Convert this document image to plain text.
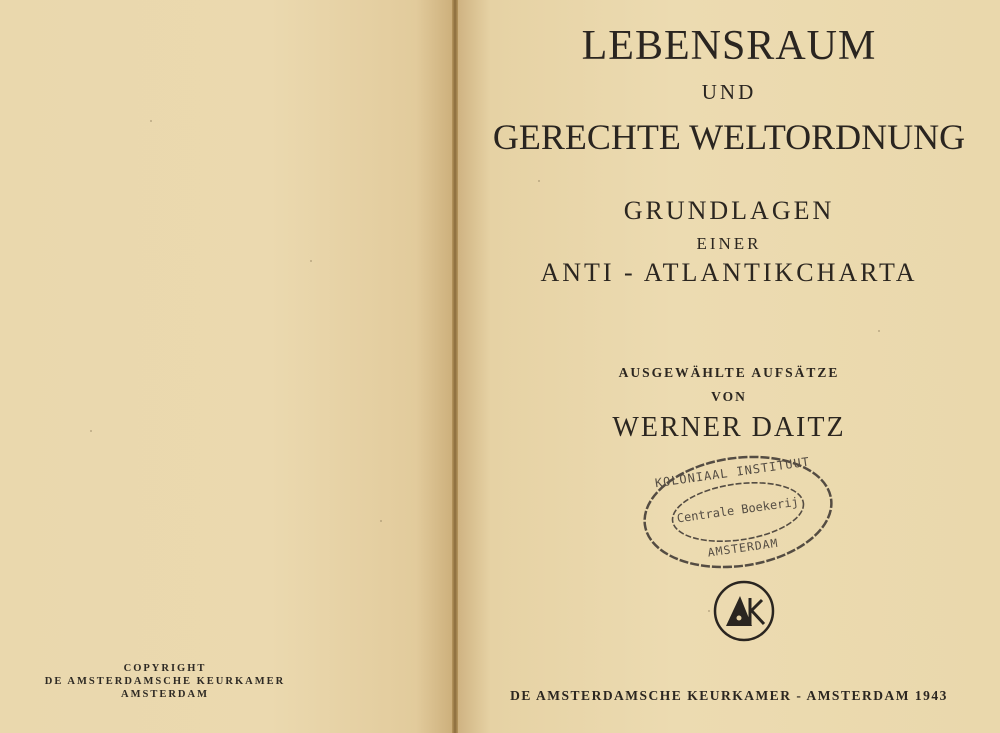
COPYRIGHT
DE AMSTERDAMSCHE KEURKAMER
AMSTERDAM
LEBENSRAUM
UND
GERECHTE WELTORDNUNG
GRUNDLAGEN
EINER
ANTI - ATLANTIKCHARTA
AUSGEWÄHLTE AUFSÄTZE
VON
WERNER DAITZ
KOLONIAAL INSTITUUT
Centrale Boekerij
AMSTERDAM
DE AMSTERDAMSCHE KEURKAMER - AMSTERDAM 1943
